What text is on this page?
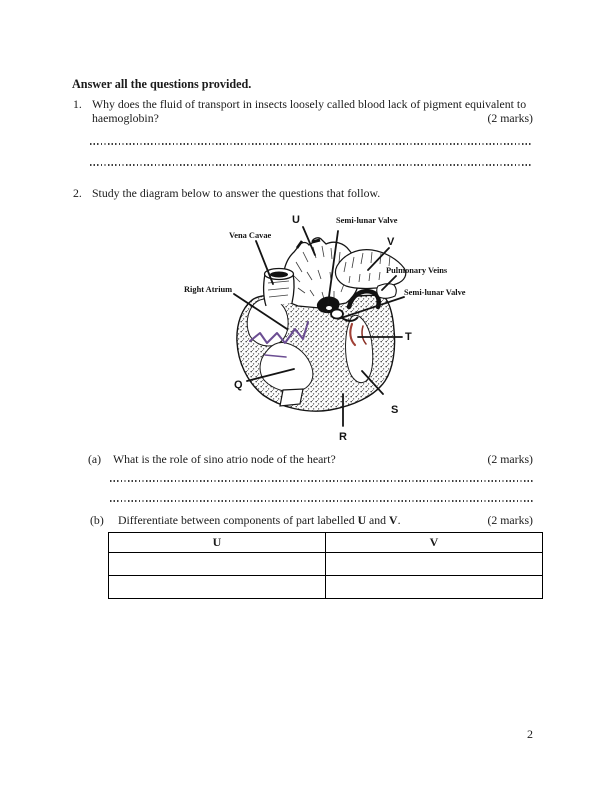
Answer all the questions provided.
1. Why does the fluid of transport in insects loosely called blood lack of pigment equivalent to
haemoglobin?	(2 marks)
2. Study the diagram below to answer the questions that follow.
U	Semi-lunar Valve
Vena Cavae
V
Pulmonary Veins
Right Atrium	Semi-lunar Valve
T
Q
S
R
(a) What is the role of sino atrio node of the heart?	(2 marks)
(b) Differentiate between components of part labelled U and V.	(2 marks)
U	V

2
